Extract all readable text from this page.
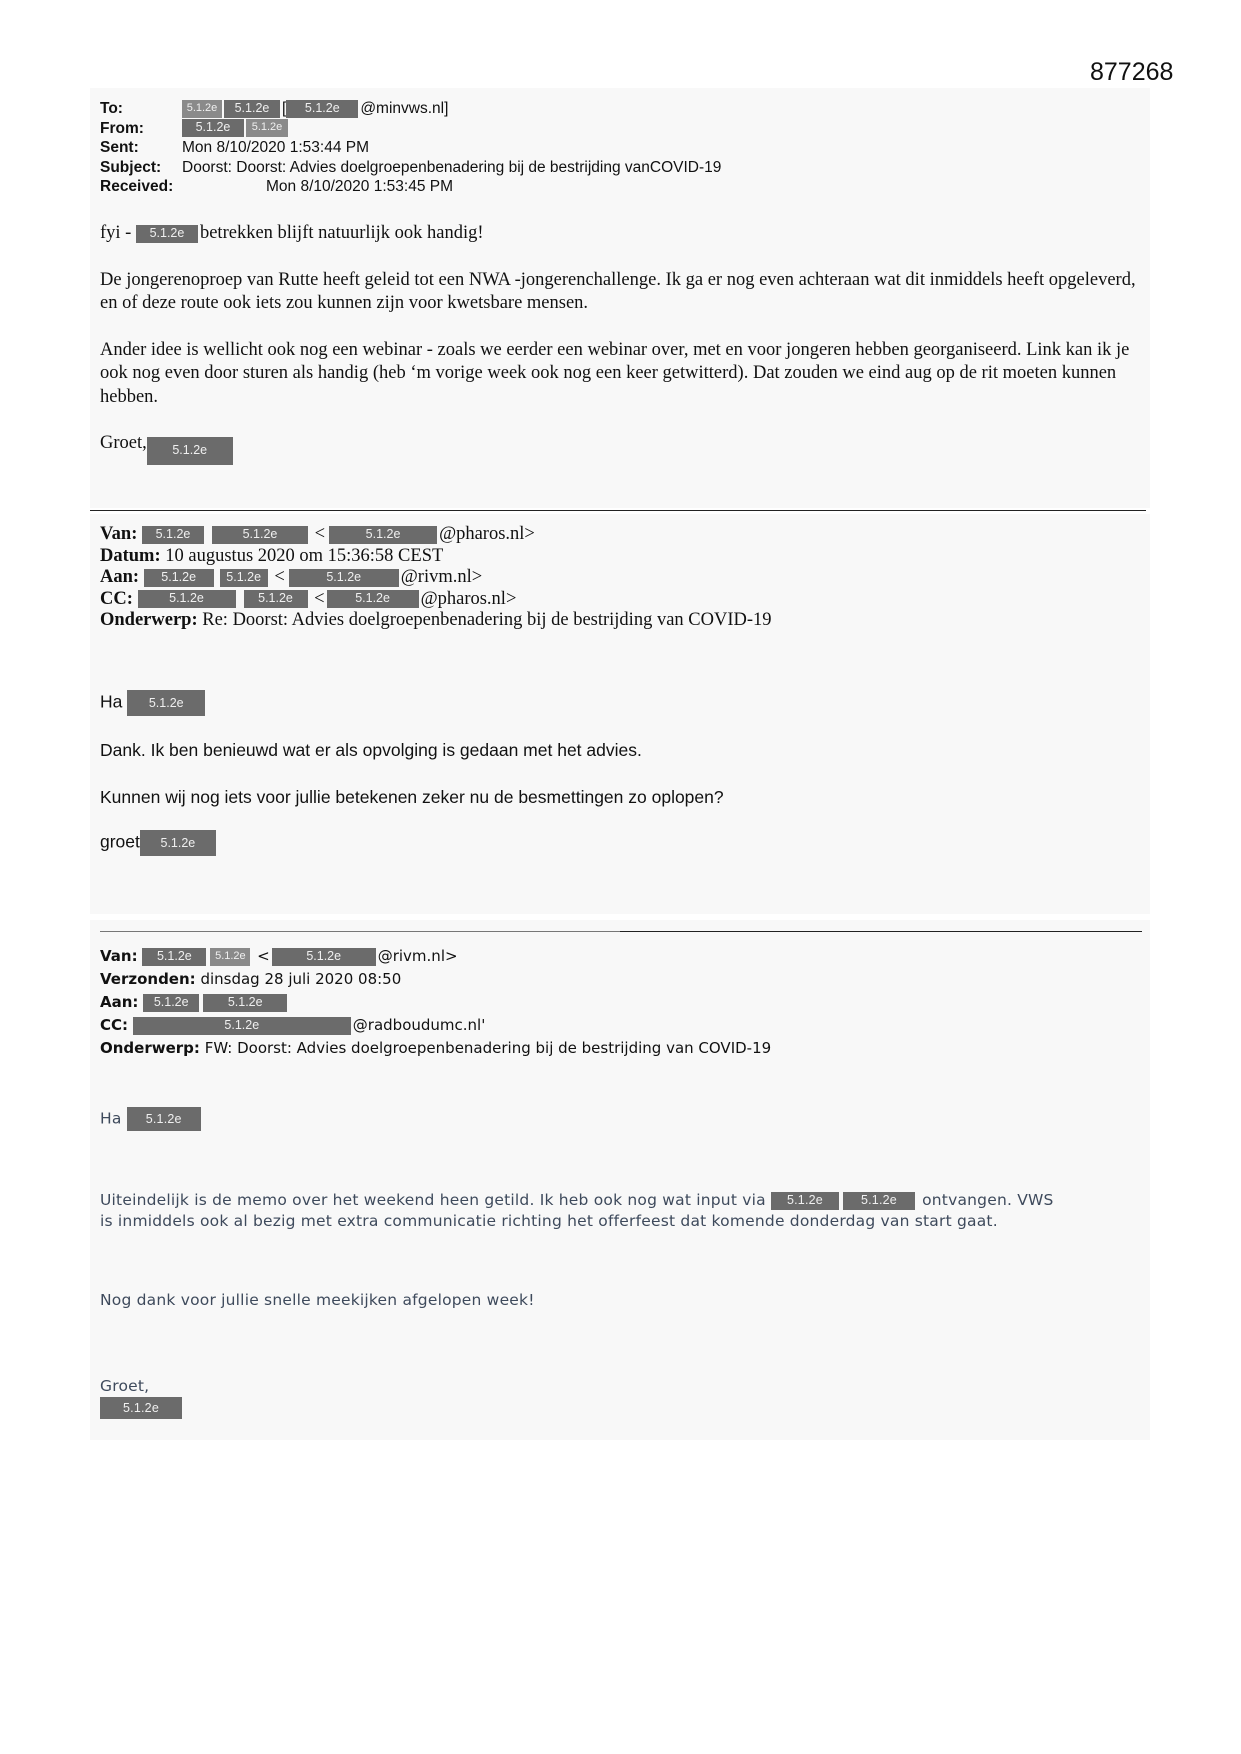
877268
To:	5.1.2e 5.1.2e [ 5.1.2e @minvws.nl]
From:	5.1.2e 5.1.2e
Sent:	Mon 8/10/2020 1:53:44 PM
Subject: Doorst: Doorst: Advies doelgroepenbenadering bij de bestrijding vanCOVID-19
Received:	Mon 8/10/2020 1:53:45 PM

fyi - 5.1.2e betrekken blijft natuurlijk ook handig!

De jongerenoproep van Rutte heeft geleid tot een NWA -jongerenchallenge. Ik ga er nog even achteraan wat dit inmiddels heeft opgeleverd, en of deze route ook iets zou kunnen zijn voor kwetsbare mensen.

Ander idee is wellicht ook nog een webinar - zoals we eerder een webinar over, met en voor jongeren hebben georganiseerd. Link kan ik je ook nog even door sturen als handig (heb ‘m vorige week ook nog een keer getwitterd). Dat zouden we eind aug op de rit moeten kunnen hebben.

Groet, 5.1.2e

Van: 5.1.2e	5.1.2e <	5.1.2e @pharos.nl>
Datum: 10 augustus 2020 om 15:36:58 CEST
Aan: 5.1.2e 5.1.2e <	5.1.2e @rivm.nl>
CC:	5.1.2e	5.1.2e < 5.1.2e @pharos.nl>
Onderwerp: Re: Doorst: Advies doelgroepenbenadering bij de bestrijding van COVID-19
Ha 5.1.2e
Dank. Ik ben benieuwd wat er als opvolging is gedaan met het advies.
Kunnen wij nog iets voor jullie betekenen zeker nu de besmettingen zo oplopen?
groet 5.1.2e
Van: 5.1.2e 5.1.2e <	5.1.2e @rivm.nl>
Verzonden: dinsdag 28 juli 2020 08:50
Aan: 5.1.2e	5.1.2e
CC:	5.1.2e	@radboudumc.nl'
Onderwerp: FW: Doorst: Advies doelgroepenbenadering bij de bestrijding van COVID-19
Ha 5.1.2e
Uiteindelijk is de memo over het weekend heen getild. Ik heb ook nog wat input via 5.1.2e	5.1.2e ontvangen. VWS
is inmiddels ook al bezig met extra communicatie richting het offerfeest dat komende donderdag van start gaat.
Nog dank voor jullie snelle meekijken afgelopen week!
Groet,
5.1.2e
